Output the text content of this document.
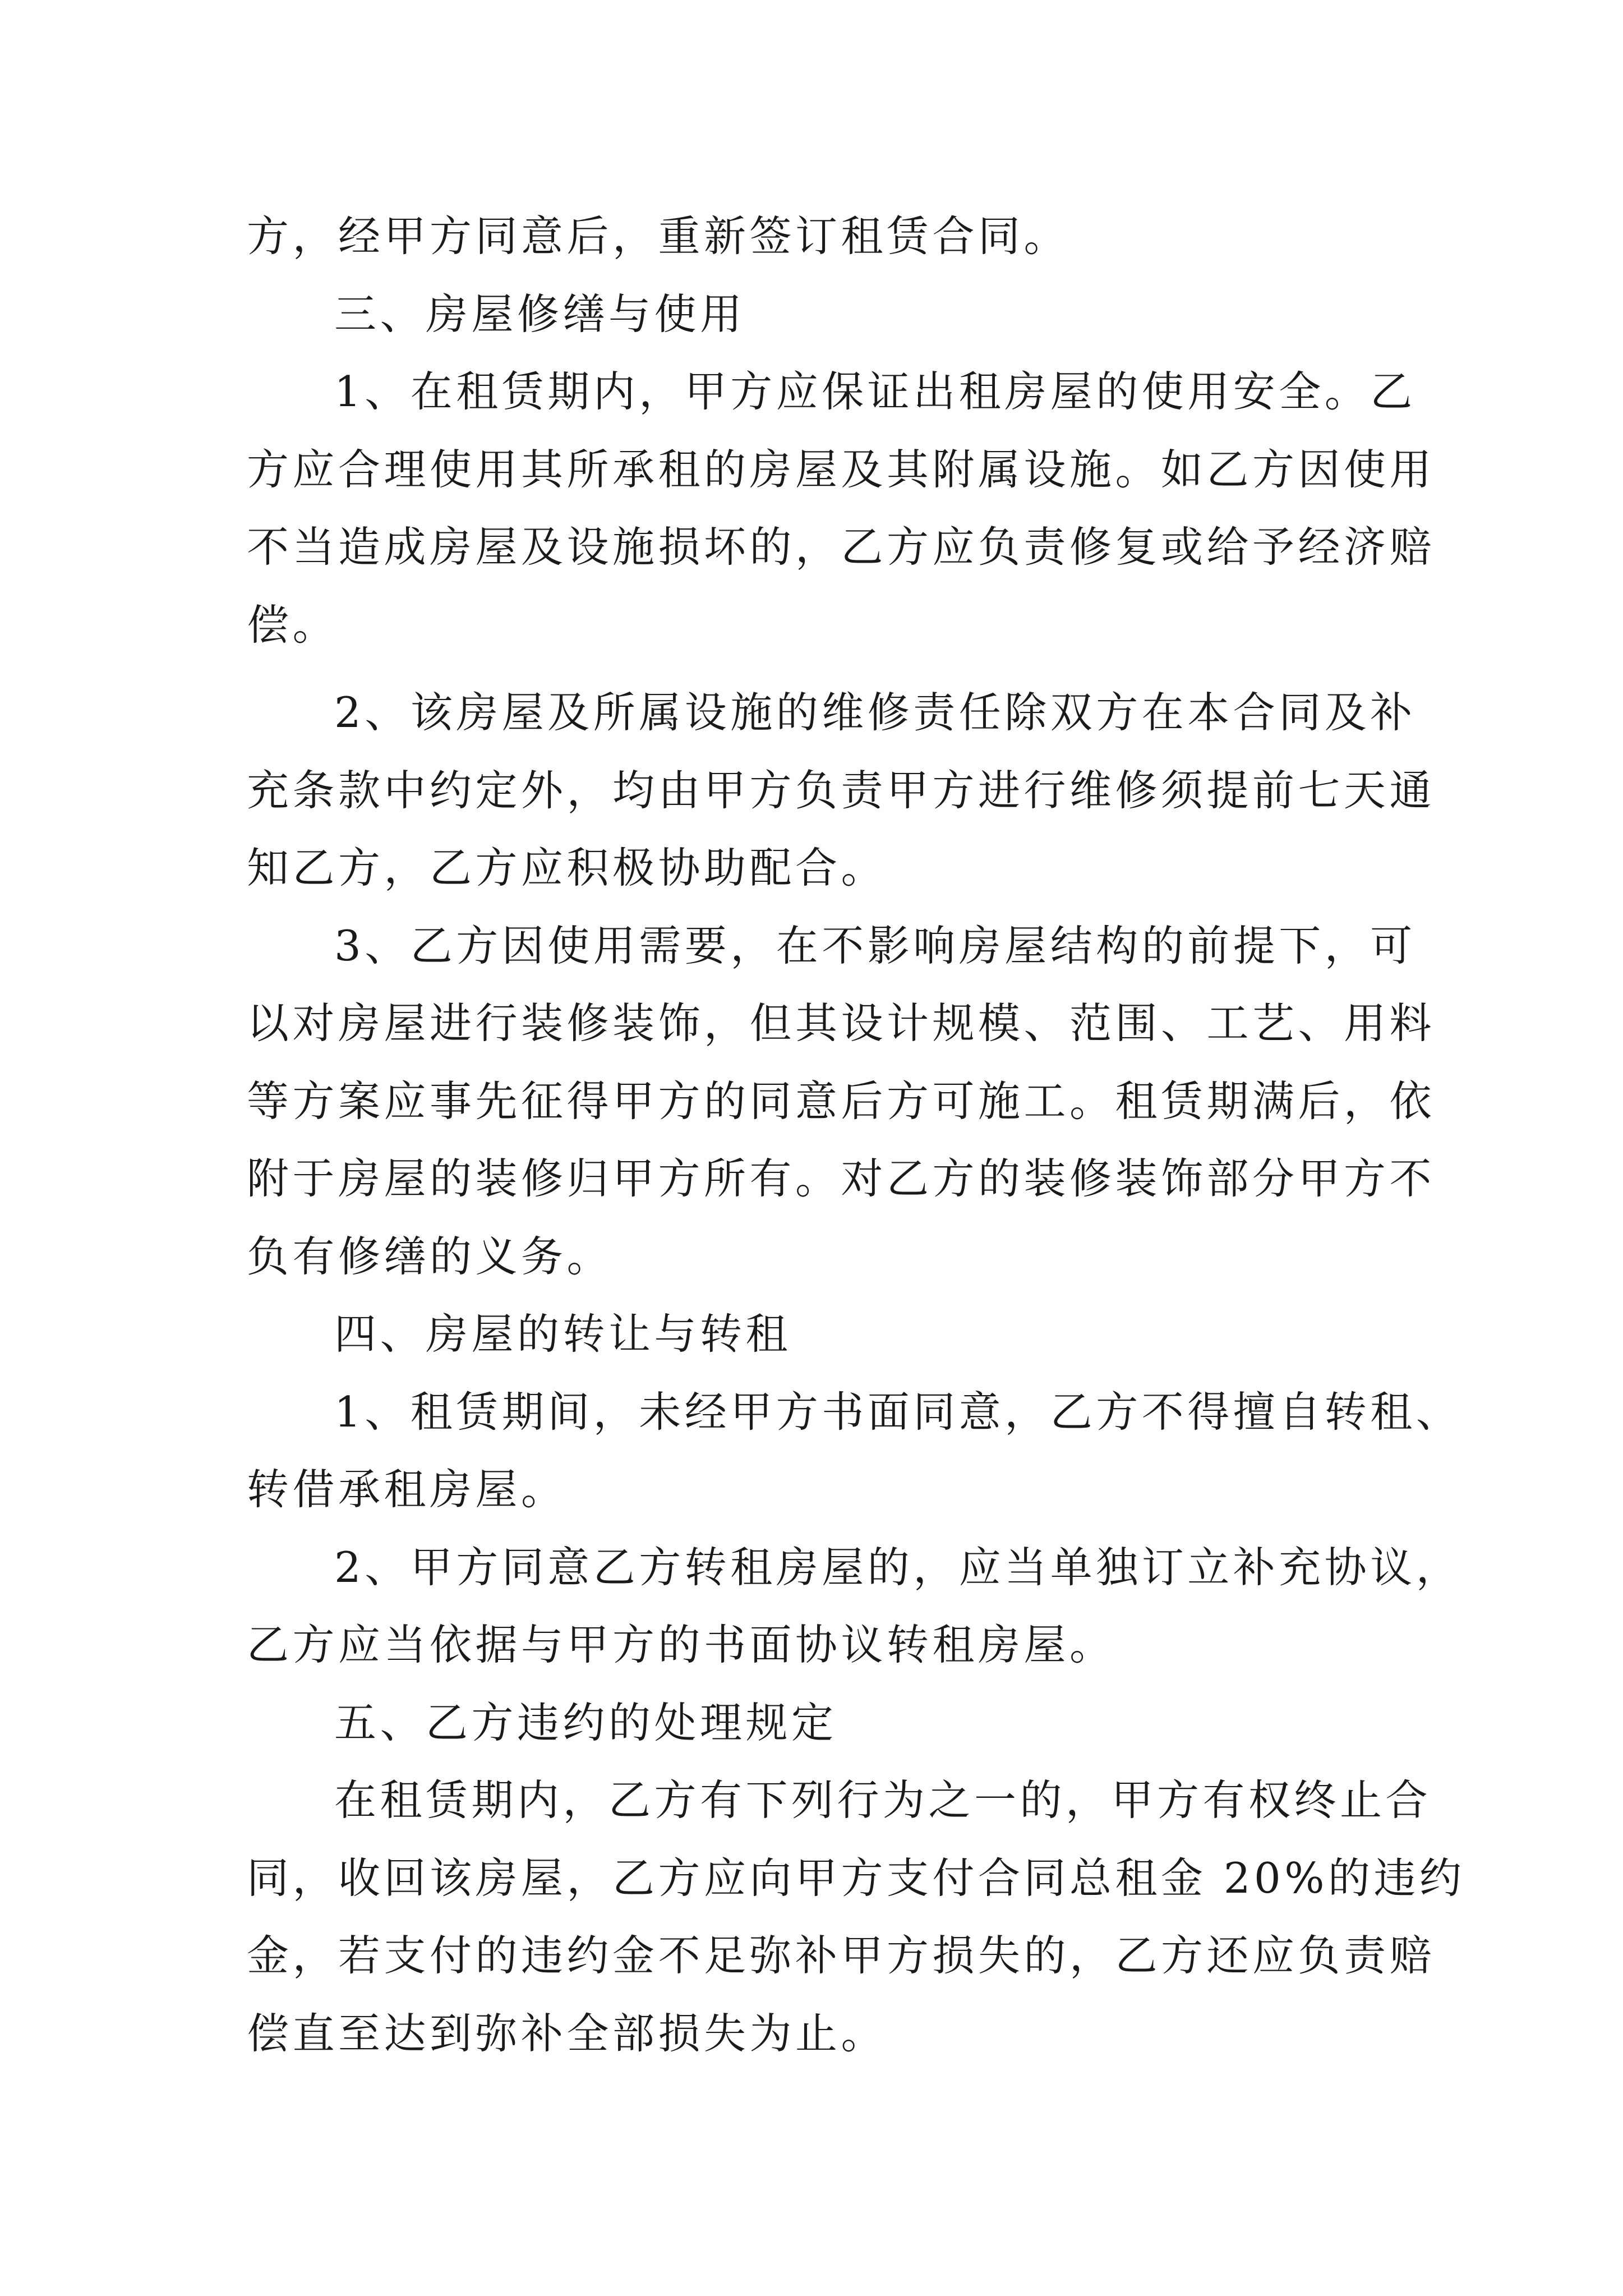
方，经甲方同意后，重新签订租赁合同。
三、房屋修缮与使用
1、在租赁期内，甲方应保证出租房屋的使用安全。乙
方应合理使用其所承租的房屋及其附属设施。如乙方因使用
不当造成房屋及设施损坏的，乙方应负责修复或给予经济赔
偿。
2、该房屋及所属设施的维修责任除双方在本合同及补
充条款中约定外，均由甲方负责甲方进行维修须提前七天通
知乙方，乙方应积极协助配合。
3、乙方因使用需要，在不影响房屋结构的前提下，可
以对房屋进行装修装饰，但其设计规模、范围、工艺、用料
等方案应事先征得甲方的同意后方可施工。租赁期满后，依
附于房屋的装修归甲方所有。对乙方的装修装饰部分甲方不
负有修缮的义务。
四、房屋的转让与转租
1、租赁期间，未经甲方书面同意，乙方不得擅自转租、
转借承租房屋。
2、甲方同意乙方转租房屋的，应当单独订立补充协议，
乙方应当依据与甲方的书面协议转租房屋。
五、乙方违约的处理规定
在租赁期内，乙方有下列行为之一的，甲方有权终止合
同，收回该房屋，乙方应向甲方支付合同总租金 20%的违约
金，若支付的违约金不足弥补甲方损失的，乙方还应负责赔
偿直至达到弥补全部损失为止。
